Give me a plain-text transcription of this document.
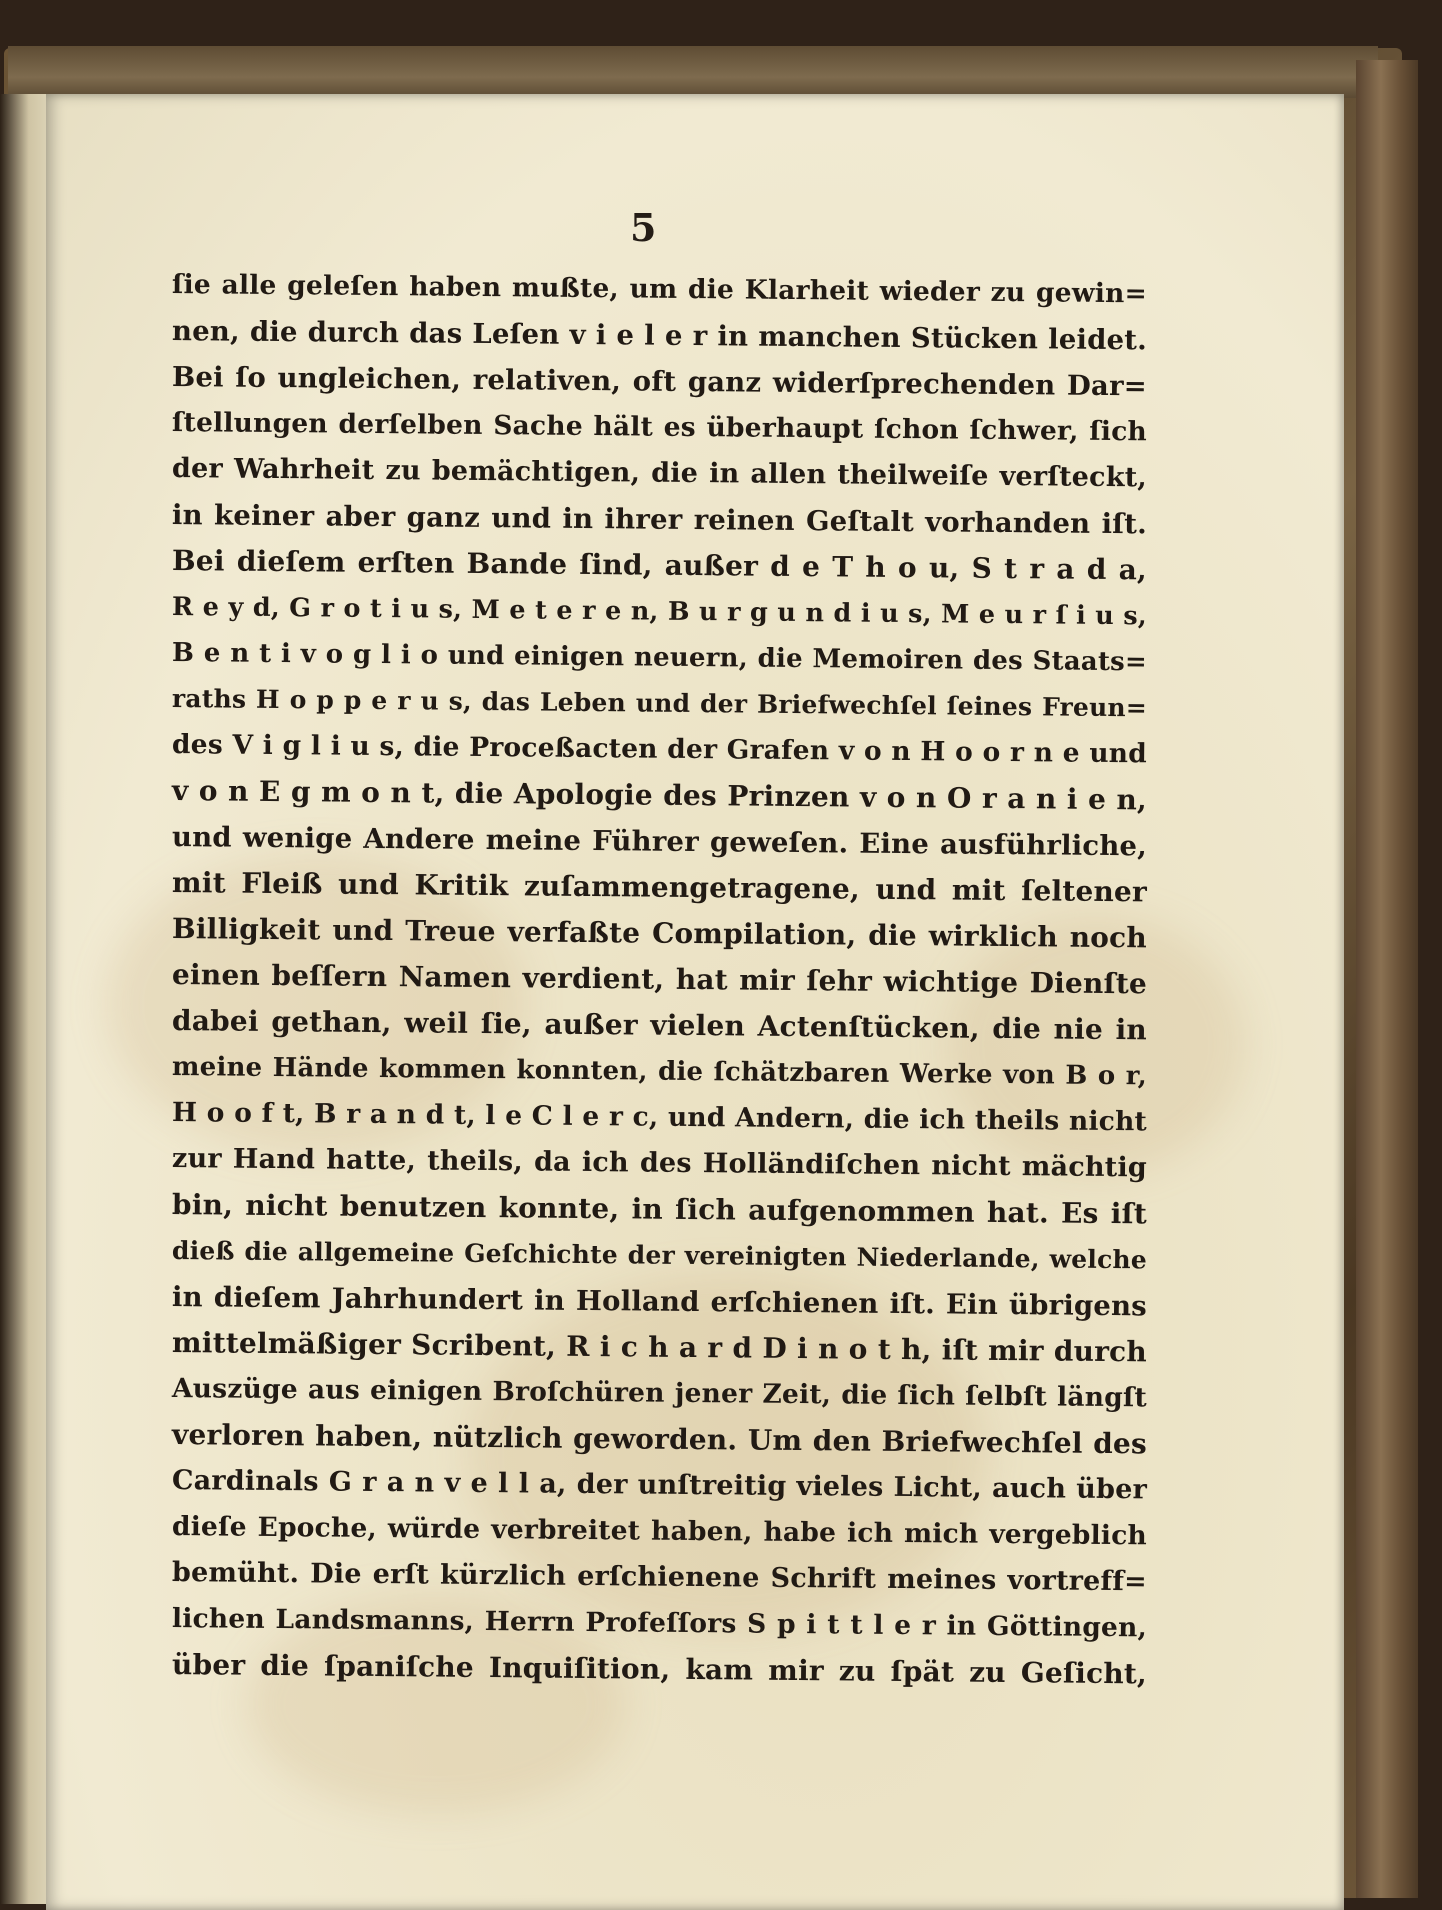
5
ſie alle geleſen haben mußte, um die Klarheit wieder zu gewin=
nen, die durch das Leſen v i e l e r in manchen Stücken leidet.
Bei ſo ungleichen, relativen, oft ganz widerſprechenden Dar=
ſtellungen derſelben Sache hält es überhaupt ſchon ſchwer, ſich
der Wahrheit zu bemächtigen, die in allen theilweiſe verſteckt,
in keiner aber ganz und in ihrer reinen Geſtalt vorhanden iſt.
Bei dieſem erſten Bande ſind, außer d e T h o u, S t r a d a,
R e y d, G r o t i u s, M e t e r e n, B u r g u n d i u s, M e u r ſ i u s,
B e n t i v o g l i o und einigen neuern, die Memoiren des Staats=
raths H o p p e r u s, das Leben und der Briefwechſel ſeines Freun=
des V i g l i u s, die Proceßacten der Grafen v o n H o o r n e und
v o n E g m o n t, die Apologie des Prinzen v o n O r a n i e n,
und wenige Andere meine Führer geweſen. Eine ausführliche,
mit Fleiß und Kritik zuſammengetragene, und mit ſeltener
Billigkeit und Treue verfaßte Compilation, die wirklich noch
einen beſſern Namen verdient, hat mir ſehr wichtige Dienſte
dabei gethan, weil ſie, außer vielen Actenſtücken, die nie in
meine Hände kommen konnten, die ſchätzbaren Werke von B o r,
H o o f t, B r a n d t, l e C l e r c, und Andern, die ich theils nicht
zur Hand hatte, theils, da ich des Holländiſchen nicht mächtig
bin, nicht benutzen konnte, in ſich aufgenommen hat. Es iſt
dieß die allgemeine Geſchichte der vereinigten Niederlande, welche
in dieſem Jahrhundert in Holland erſchienen iſt. Ein übrigens
mittelmäßiger Scribent, R i c h a r d D i n o t h, iſt mir durch
Auszüge aus einigen Broſchüren jener Zeit, die ſich ſelbſt längſt
verloren haben, nützlich geworden. Um den Briefwechſel des
Cardinals G r a n v e l l a, der unſtreitig vieles Licht, auch über
dieſe Epoche, würde verbreitet haben, habe ich mich vergeblich
bemüht. Die erſt kürzlich erſchienene Schrift meines vortreff=
lichen Landsmanns, Herrn Profeſſors S p i t t l e r in Göttingen,
über die ſpaniſche Inquiſition, kam mir zu ſpät zu Geſicht,
